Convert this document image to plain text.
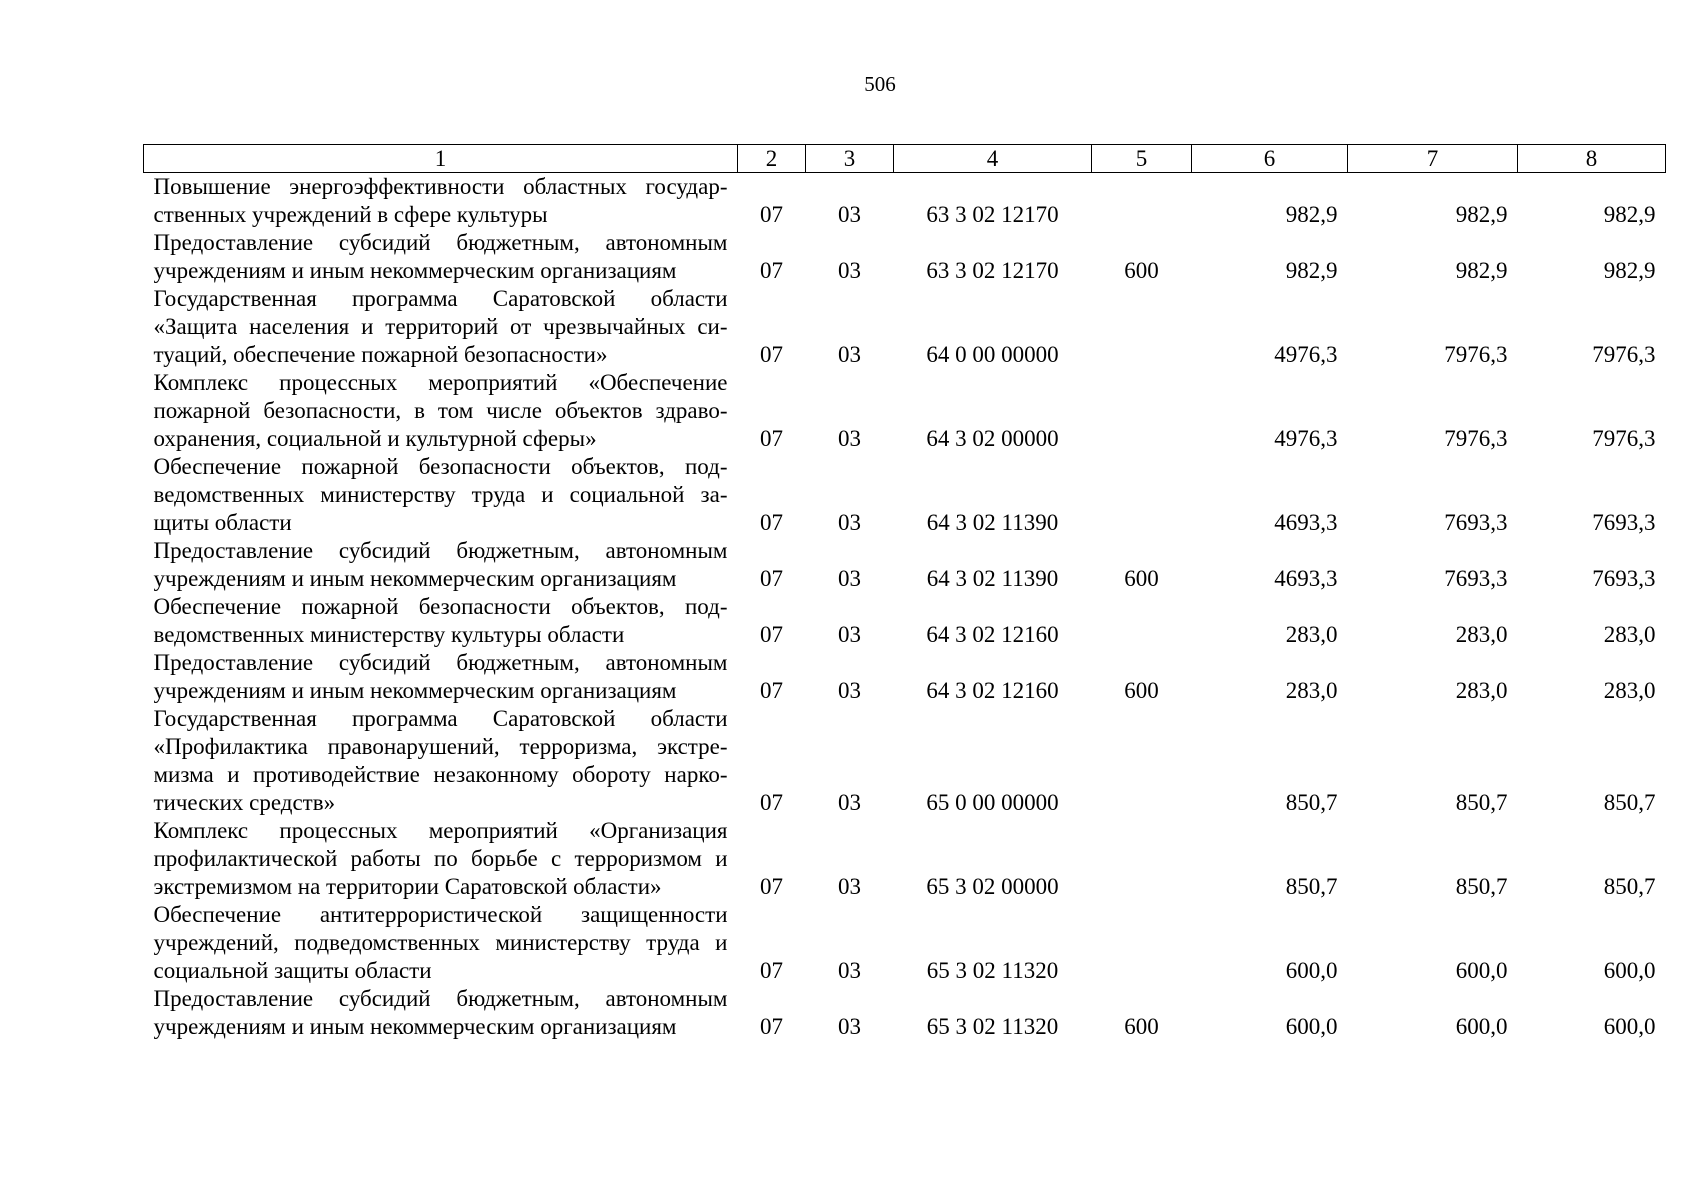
506
1	2	3	4	5	6	7	8
Повышение энергоэффективности областных государ-ственных учреждений в сфере культуры	07	03	63 3 02 12170		982,9	982,9	982,9
Предоставление субсидий бюджетным, автономным учреждениям и иным некоммерческим организациям	07	03	63 3 02 12170	600	982,9	982,9	982,9
Государственная программа Саратовской области «Защита населения и территорий от чрезвычайных си-туаций, обеспечение пожарной безопасности»	07	03	64 0 00 00000		4976,3	7976,3	7976,3
Комплекс процессных мероприятий «Обеспечение пожарной безопасности, в том числе объектов здраво-охранения, социальной и культурной сферы»	07	03	64 3 02 00000		4976,3	7976,3	7976,3
Обеспечение пожарной безопасности объектов, под-ведомственных министерству труда и социальной за-щиты области	07	03	64 3 02 11390		4693,3	7693,3	7693,3
Предоставление субсидий бюджетным, автономным учреждениям и иным некоммерческим организациям	07	03	64 3 02 11390	600	4693,3	7693,3	7693,3
Обеспечение пожарной безопасности объектов, под-ведомственных министерству культуры области	07	03	64 3 02 12160		283,0	283,0	283,0
Предоставление субсидий бюджетным, автономным учреждениям и иным некоммерческим организациям	07	03	64 3 02 12160	600	283,0	283,0	283,0
Государственная программа Саратовской области «Профилактика правонарушений, терроризма, экстре-мизма и противодействие незаконному обороту нарко-тических средств»	07	03	65 0 00 00000		850,7	850,7	850,7
Комплекс процессных мероприятий «Организация профилактической работы по борьбе с терроризмом и экстремизмом на территории Саратовской области»	07	03	65 3 02 00000		850,7	850,7	850,7
Обеспечение антитеррористической защищенности учреждений, подведомственных министерству труда и социальной защиты области	07	03	65 3 02 11320		600,0	600,0	600,0
Предоставление субсидий бюджетным, автономным учреждениям и иным некоммерческим организациям	07	03	65 3 02 11320	600	600,0	600,0	600,0
